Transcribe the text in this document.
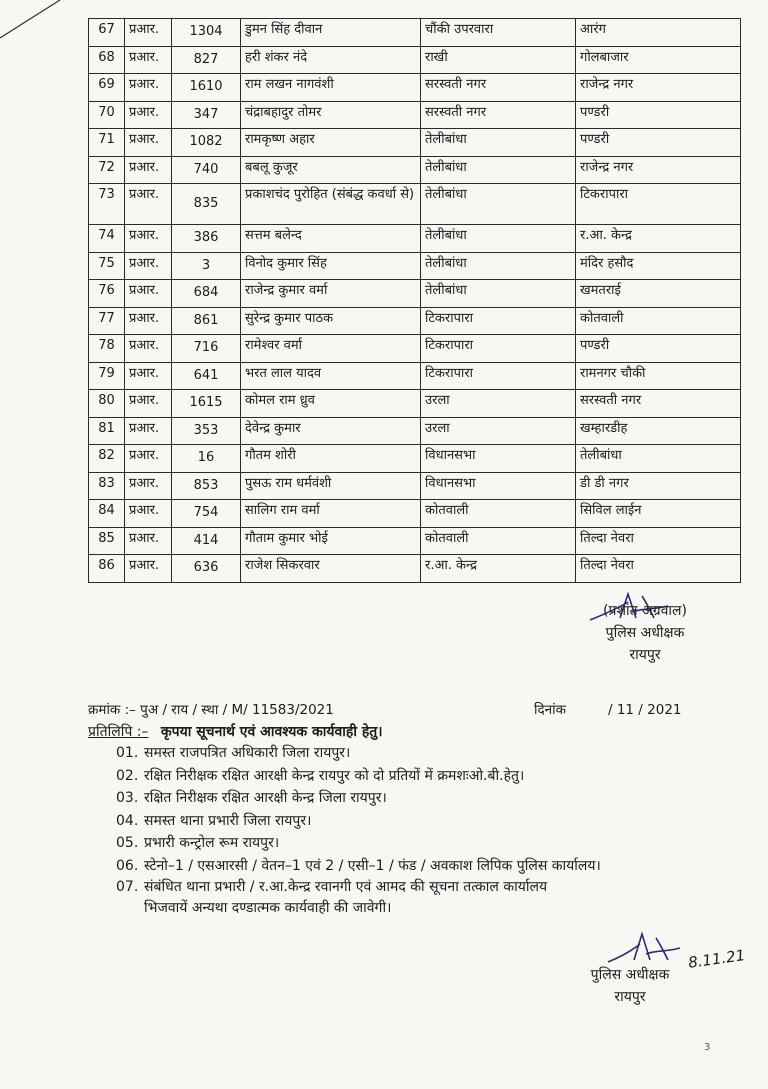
67	प्रआर.	1304	डुमन सिंह दीवान	चौंकी उपरवारा	आरंग
68	प्रआर.	827	हरी शंकर नंदे	राखी	गोलबाजार
69	प्रआर.	1610	राम लखन नागवंशी	सरस्वती नगर	राजेन्द्र नगर
70	प्रआर.	347	चंद्राबहादुर तोमर	सरस्वती नगर	पण्डरी
71	प्रआर.	1082	रामकृष्ण अहार	तेलीबांधा	पण्डरी
72	प्रआर.	740	बबलू कुजूर	तेलीबांधा	राजेन्द्र नगर
73	प्रआर.	835	प्रकाशचंद पुरोहित (संबंद्ध कवर्धा से)	तेलीबांधा	टिकरापारा
74	प्रआर.	386	सत्तम बलेन्द	तेलीबांधा	र.आ. केन्द्र
75	प्रआर.	3	विनोद कुमार सिंह	तेलीबांधा	मंदिर हसौद
76	प्रआर.	684	राजेन्द्र कुमार वर्मा	तेलीबांधा	खमतराई
77	प्रआर.	861	सुरेन्द्र कुमार पाठक	टिकरापारा	कोतवाली
78	प्रआर.	716	रामेश्वर वर्मा	टिकरापारा	पण्डरी
79	प्रआर.	641	भरत लाल यादव	टिकरापारा	रामनगर चौकी
80	प्रआर.	1615	कोमल राम ध्रुव	उरला	सरस्वती नगर
81	प्रआर.	353	देवेन्द्र कुमार	उरला	खम्हारडीह
82	प्रआर.	16	गौतम शोरी	विधानसभा	तेलीबांधा
83	प्रआर.	853	पुसऊ राम धर्मवंशी	विधानसभा	डी डी नगर
84	प्रआर.	754	सालिग राम वर्मा	कोतवाली	सिविल लाईन
85	प्रआर.	414	गौताम कुमार भोई	कोतवाली	तिल्दा नेवरा
86	प्रआर.	636	राजेश सिकरवार	र.आ. केन्द्र	तिल्दा नेवरा
(प्रशांत अग्रवाल)
पुलिस अधीक्षक
रायपुर
क्रमांक :– पुअ / राय / स्था / M/ 11583/2021	दिनांक	/ 11 / 2021
प्रतिलिपि :– कृपया सूचनार्थ एवं आवश्यक कार्यवाही हेतु।
01. समस्त राजपत्रित अधिकारी जिला रायपुर।
02. रक्षित निरीक्षक रक्षित आरक्षी केन्द्र रायपुर को दो प्रतियों में क्रमशःओ.बी.हेतु।
03. रक्षित निरीक्षक रक्षित आरक्षी केन्द्र जिला रायपुर।
04. समस्त थाना प्रभारी जिला रायपुर।
05. प्रभारी कन्ट्रोल रूम रायपुर।
06. स्टेनो–1 / एसआरसी / वेतन–1 एवं 2 / एसी–1 / फंड / अवकाश लिपिक पुलिस कार्यालय।
07. संबंधित थाना प्रभारी / र.आ.केन्द्र रवानगी एवं आमद की सूचना तत्काल कार्यालय
भिजवायें अन्यथा दण्डात्मक कार्यवाही की जावेगी।
8.11.21
पुलिस अधीक्षक
रायपुर
3
